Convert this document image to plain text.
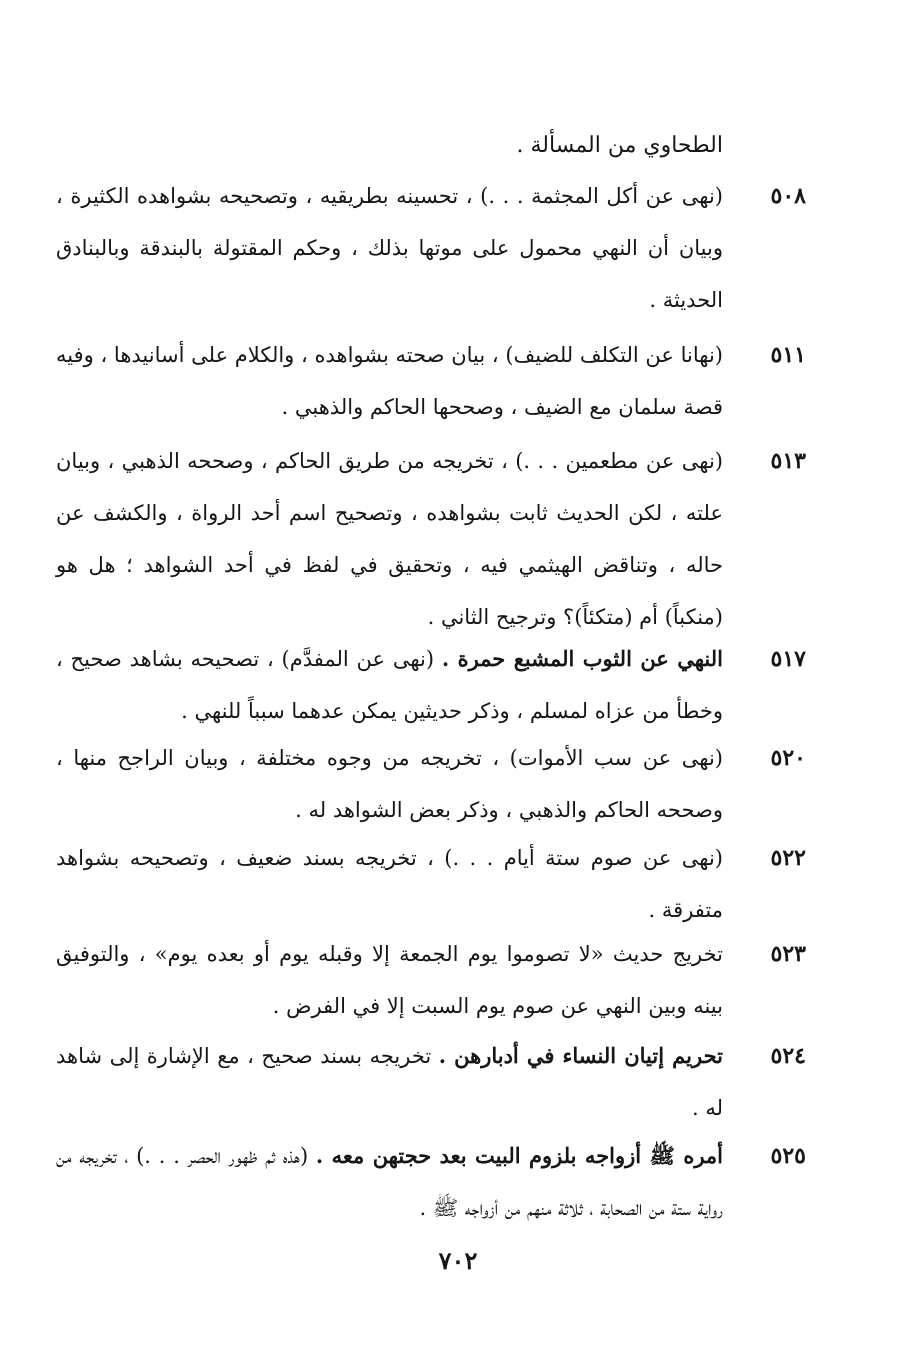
الطحاوي من المسألة .
٥٠٨
(نهى عن أكل المجثمة . . .) ، تحسينه بطريقيه ، وتصحيحه بشواهده الكثيرة ، وبيان أن النهي محمول على موتها بذلك ، وحكم المقتولة بالبندقة وبالبنادق الحديثة .
٥١١
(نهانا عن التكلف للضيف) ، بيان صحته بشواهده ، والكلام على أسانيدها ، وفيه قصة سلمان مع الضيف ، وصححها الحاكم والذهبي .
٥١٣
(نهى عن مطعمين . . .) ، تخريجه من طريق الحاكم ، وصححه الذهبي ، وبيان علته ، لكن الحديث ثابت بشواهده ، وتصحيح اسم أحد الرواة ، والكشف عن حاله ، وتناقض الهيثمي فيه ، وتحقيق في لفظ في أحد الشواهد ؛ هل هو (منكباً) أم (متكئاً)؟ وترجيح الثاني .
٥١٧
النهي عن الثوب المشبع حمرة . (نهى عن المفدَّم) ، تصحيحه بشاهد صحيح ، وخطأ من عزاه لمسلم ، وذكر حديثين يمكن عدهما سبباً للنهي .
٥٢٠
(نهى عن سب الأموات) ، تخريجه من وجوه مختلفة ، وبيان الراجح منها ، وصححه الحاكم والذهبي ، وذكر بعض الشواهد له .
٥٢٢
(نهى عن صوم ستة أيام . . .) ، تخريجه بسند ضعيف ، وتصحيحه بشواهد متفرقة .
٥٢٣
تخريج حديث «لا تصوموا يوم الجمعة إلا وقبله يوم أو بعده يوم» ، والتوفيق بينه وبين النهي عن صوم يوم السبت إلا في الفرض .
٥٢٤
تحريم إتيان النساء في أدبارهن . تخريجه بسند صحيح ، مع الإشارة إلى شاهد له .
٥٢٥
أمره ﷺ أزواجه بلزوم البيت بعد حجتهن معه . (هذه ثم ظهور الحصر . . .) ، تخريجه من رواية ستة من الصحابة ، ثلاثة منهم من أزواجه ﷺ .
٧٠٢
